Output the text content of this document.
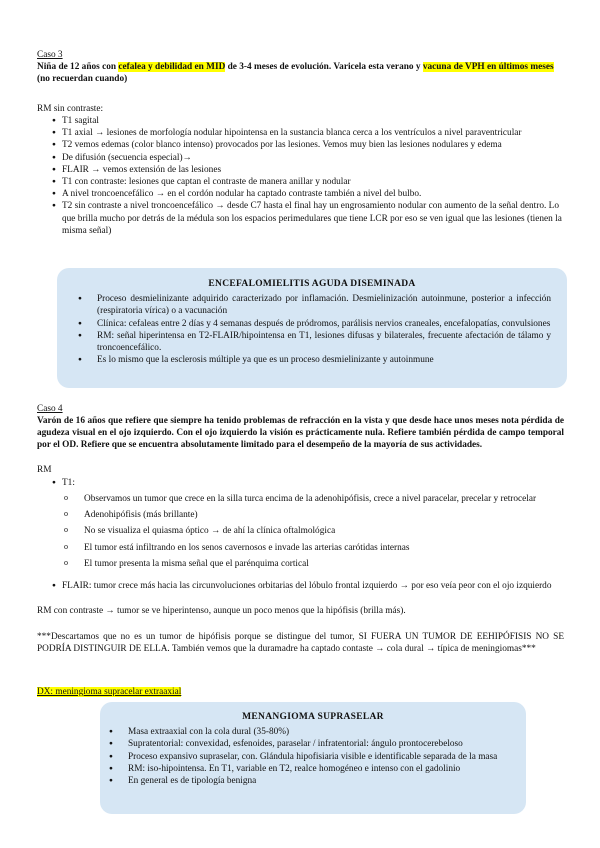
Caso 3
Niña de 12 años con cefalea y debilidad en MID de 3-4 meses de evolución. Varicela esta verano y vacuna de VPH en últimos meses (no recuerdan cuando)
RM sin contraste:
● T1 sagital
● T1 axial → lesiones de morfología nodular hipointensa en la sustancia blanca cerca a los ventrículos a nivel paraventricular
● T2 vemos edemas (color blanco intenso) provocados por las lesiones. Vemos muy bien las lesiones nodulares y edema
● De difusión (secuencia especial)→
● FLAIR → vemos extensión de las lesiones
● T1 con contraste: lesiones que captan el contraste de manera anillar y nodular
● A nivel troncoencefálico → en el cordón nodular ha captado contraste también a nivel del bulbo.
● T2 sin contraste a nivel troncoencefálico → desde C7 hasta el final hay un engrosamiento nodular con aumento de la señal dentro. Lo que brilla mucho por detrás de la médula son los espacios perimedulares que tiene LCR por eso se ven igual que las lesiones (tienen la misma señal)
ENCEFALOMIELITIS AGUDA DISEMINADA
● Proceso desmielinizante adquirido caracterizado por inflamación. Desmielinización autoinmune, posterior a infección (respiratoria vírica) o a vacunación
● Clínica: cefaleas entre 2 días y 4 semanas después de pródromos, parálisis nervios craneales, encefalopatías, convulsiones
● RM: señal hiperintensa en T2-FLAIR/hipointensa en T1, lesiones difusas y bilaterales, frecuente afectación de tálamo y troncoencefálico.
● Es lo mismo que la esclerosis múltiple ya que es un proceso desmielinizante y autoinmune
Caso 4
Varón de 16 años que refiere que siempre ha tenido problemas de refracción en la vista y que desde hace unos meses nota pérdida de agudeza visual en el ojo izquierdo. Con el ojo izquierdo la visión es prácticamente nula. Refiere también pérdida de campo temporal por el OD. Refiere que se encuentra absolutamente limitado para el desempeño de la mayoría de sus actividades.
RM
● T1:
o Observamos un tumor que crece en la silla turca encima de la adenohipófisis, crece a nivel paracelar, precelar y retrocelar
o Adenohipófisis (más brillante)
o No se visualiza el quiasma óptico → de ahí la clínica oftalmológica
o El tumor está infiltrando en los senos cavernosos e invade las arterias carótidas internas
o El tumor presenta la misma señal que el parénquima cortical
● FLAIR: tumor crece más hacia las circunvoluciones orbitarias del lóbulo frontal izquierdo → por eso veía peor con el ojo izquierdo
RM con contraste → tumor se ve hiperintenso, aunque un poco menos que la hipófisis (brilla más).
***Descartamos que no es un tumor de hipófisis porque se distingue del tumor, SI FUERA UN TUMOR DE EEHIPÓFISIS NO SE PODRÍA DISTINGUIR DE ELLA. También vemos que la duramadre ha captado contaste → cola dural → típica de meningiomas***
DX: meningioma supracelar extraaxial
MENANGIOMA SUPRASELAR
● Masa extraaxial con la cola dural (35-80%)
● Supratentorial: convexidad, esfenoides, paraselar / infratentorial: ángulo prontocerebeloso
● Proceso expansivo supraselar, con. Glándula hipofisiaria visible e identificable separada de la masa
● RM: iso-hipointensa. En T1, variable en T2, realce homogéneo e intenso con el gadolinio
● En general es de tipología benigna
